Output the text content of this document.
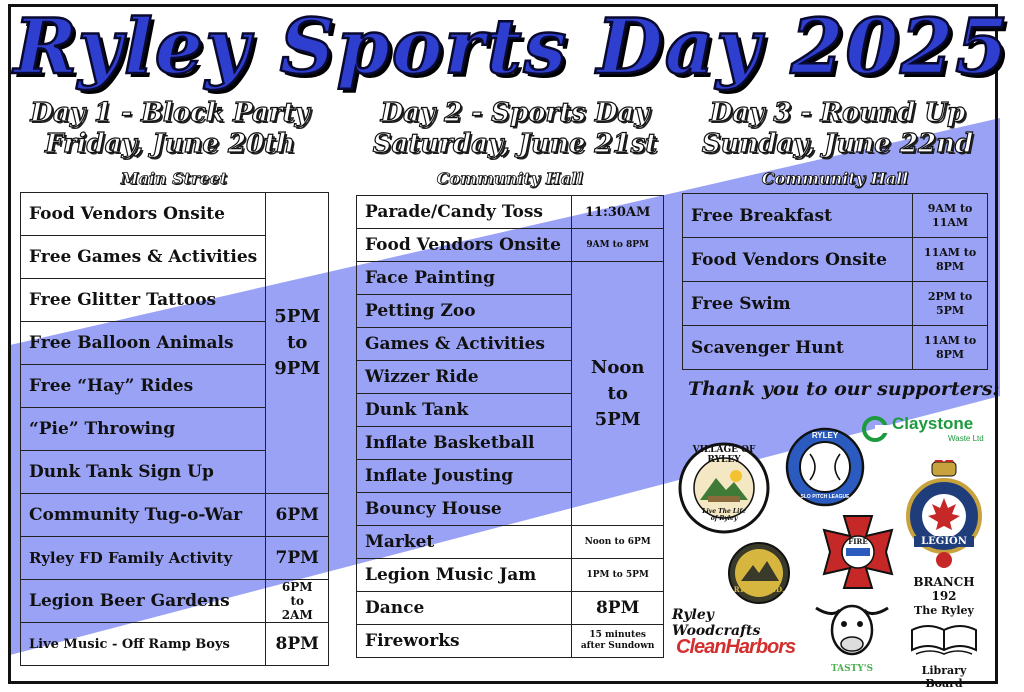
Ryley Sports Day 2025
Day 1 - Block Party
Friday, June 20th
Day 2 - Sports Day
Saturday, June 21st
Day 3 - Round Up
Sunday, June 22nd
Main Street	Community Hall	Community Hall
Food Vendors Onsite	5PM
to
9PM
Free Games & Activities	
Free Glitter Tattoos	
Free Balloon Animals	
Free “Hay” Rides	
“Pie” Throwing	
Dunk Tank Sign Up	
Community Tug-o-War	6PM
Ryley FD Family Activity	7PM
Legion Beer Gardens	6PM to
2AM
Live Music - Off Ramp Boys	8PM
Parade/Candy Toss	11:30AM
Food Vendors Onsite	9AM to 8PM
Face Painting	Noon
to
5PM
Petting Zoo	
Games & Activities	
Wizzer Ride	
Dunk Tank	
Inflate Basketball	
Inflate Jousting	
Bouncy House	
Market	Noon to 6PM
Legion Music Jam	1PM to 5PM
Dance	8PM
Fireworks	15 minutes
after Sundown
Free Breakfast	9AM to
11AM
Food Vendors Onsite	11AM to
8PM
Free Swim	2PM to
5PM
Scavenger Hunt	11AM to
8PM
Thank you to our supporters:
Claystone
Waste Ltd
VILLAGE OF RYLEY
Live The Life of Ryley
RYLEY
SLO PITCH LEAGUE
LEGION
BRANCH 192
RYALTA IND.
FIRE
Ryley Woodcrafts
CleanHarbors
TASTY'S
The Ryley
Library Board
